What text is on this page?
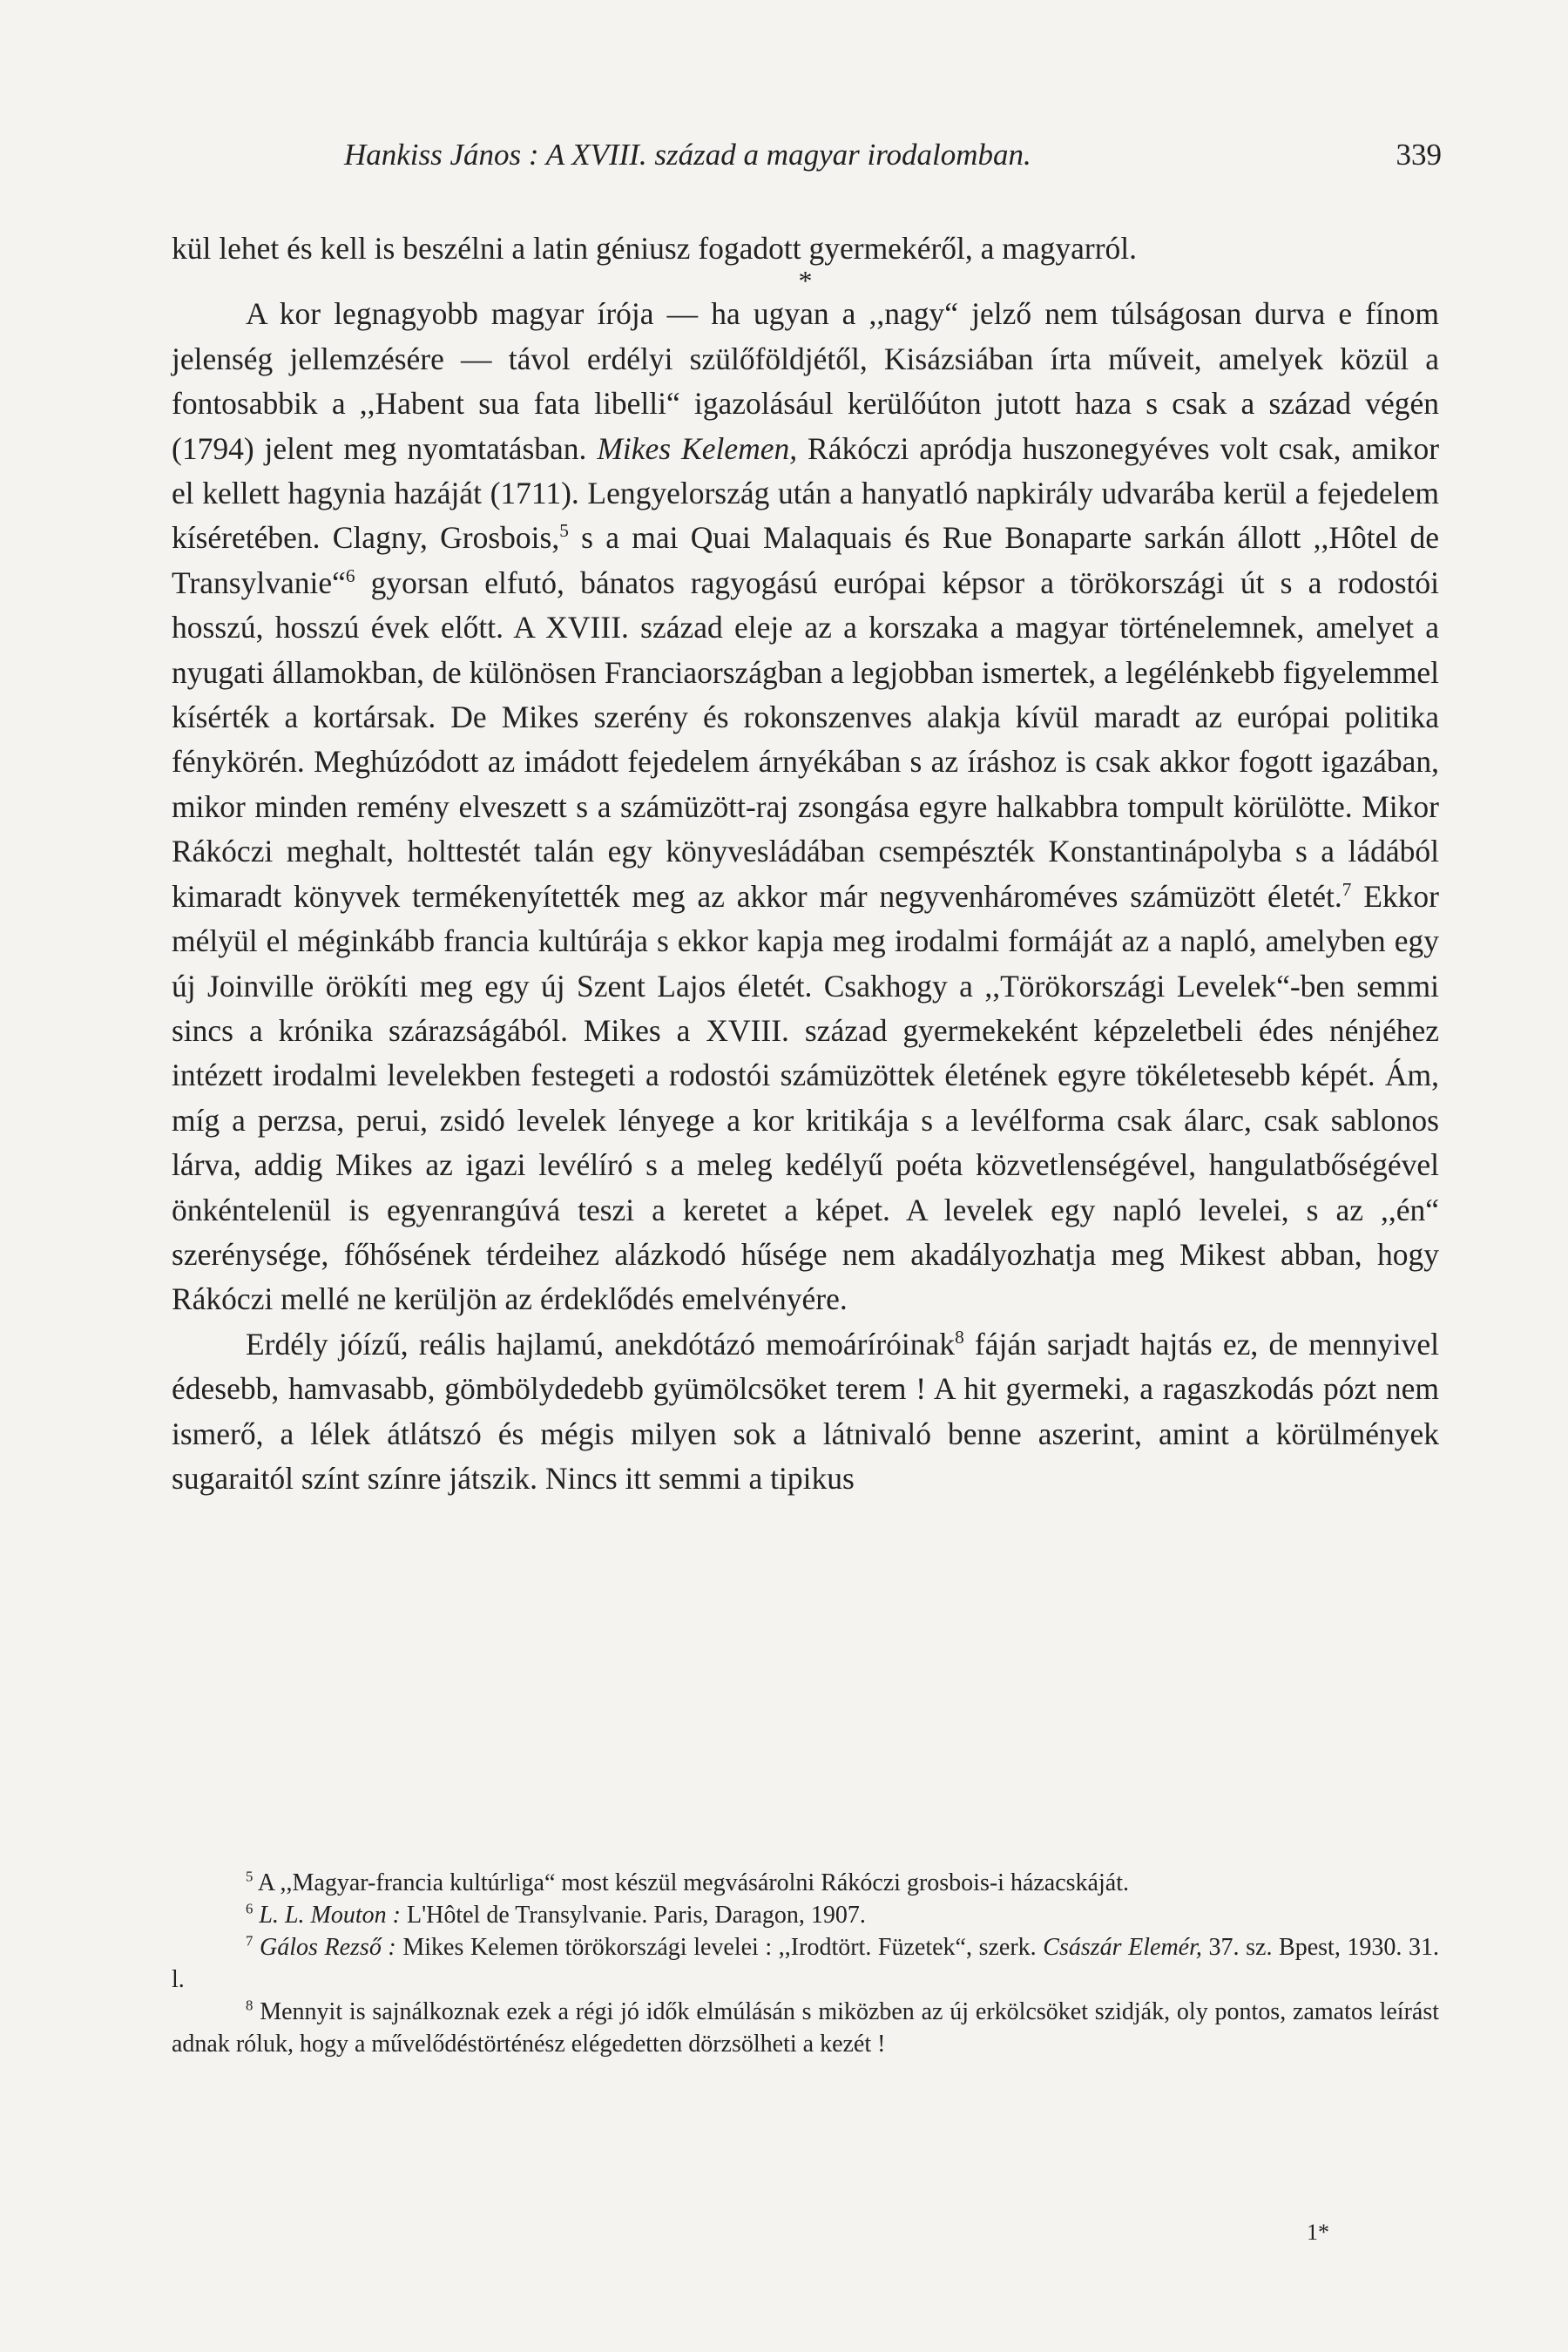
Hankiss János : A XVIII. század a magyar irodalomban.	339

kül lehet és kell is beszélni a latin géniusz fogadott gyermekéről, a magyarról.

*

A kor legnagyobb magyar írója — ha ugyan a ,,nagy“ jelző nem túlságosan durva e fínom jelenség jellemzésére — távol erdélyi szülőföldjétől, Kisázsiában írta műveit, amelyek közül a fontosabbik a ,,Habent sua fata libelli“ igazolásául kerülőúton jutott haza s csak a század végén (1794) jelent meg nyomtatásban. Mikes Kelemen, Rákóczi apródja huszonegyéves volt csak, amikor el kellett hagynia hazáját (1711). Lengyelország után a hanyatló napkirály udvarába kerül a fejedelem kíséretében. Clagny, Grosbois,$^5$ s a mai Quai Malaquais és Rue Bonaparte sarkán állott ,,Hôtel de Transylvanie“$^6$ gyorsan elfutó, bánatos ragyogású európai képsor a törökországi út s a rodostói hosszú, hosszú évek előtt. A XVIII. század eleje az a korszaka a magyar történelemnek, amelyet a nyugati államokban, de különösen Franciaországban a legjobban ismertek, a legélénkebb figyelemmel kísérték a kortársak. De Mikes szerény és rokonszenves alakja kívül maradt az európai politika fénykörén. Meghúzódott az imádott fejedelem árnyékában s az íráshoz is csak akkor fogott igazában, mikor minden remény elveszett s a számüzött-raj zsongása egyre halkabbra tompult körülötte. Mikor Rákóczi meghalt, holttestét talán egy könyvesládában csempészték Konstantinápolyba s a ládából kimaradt könyvek termékenyítették meg az akkor már negyvenhároméves számüzött életét.$^7$ Ekkor mélyül el méginkább francia kultúrája s ekkor kapja meg irodalmi formáját az a napló, amelyben egy új Joinville örökíti meg egy új Szent Lajos életét. Csakhogy a ,,Törökországi Levelek“-ben semmi sincs a krónika szárazságából. Mikes a XVIII. század gyermekeként képzeletbeli édes nénjéhez intézett irodalmi levelekben festegeti a rodostói számüzöttek életének egyre tökéletesebb képét. Ám, míg a perzsa, perui, zsidó levelek lényege a kor kritikája s a levélforma csak álarc, csak sablonos lárva, addig Mikes az igazi levélíró s a meleg kedélyű poéta közvetlenségével, hangulatbőségével önkéntelenül is egyenrangúvá teszi a keretet a képet. A levelek egy napló levelei, s az ,,én“ szerénysége, főhősének térdeihez alázkodó hűsége nem akadályozhatja meg Mikest abban, hogy Rákóczi mellé ne kerüljön az érdeklődés emelvényére.

Erdély jóízű, reális hajlamú, anekdótázó memoáríróinak$^8$ fáján sarjadt hajtás ez, de mennyivel édesebb, hamvasabb, gömbölydedebb gyümölcsöket terem ! A hit gyermeki, a ragaszkodás pózt nem ismerő, a lélek átlátszó és mégis milyen sok a látnivaló benne aszerint, amint a körülmények sugaraitól színt színre játszik. Nincs itt semmi a tipikus

$^5$ A ,,Magyar-francia kultúrliga“ most készül megvásárolni Rákóczi grosbois-i házacskáját.

$^6$ L. L. Mouton : L'Hôtel de Transylvanie. Paris, Daragon, 1907.

$^7$ Gálos Rezső : Mikes Kelemen törökországi levelei : ,,Irodtört. Füzetek“, szerk. Császár Elemér, 37. sz. Bpest, 1930. 31. l.

$^8$ Mennyit is sajnálkoznak ezek a régi jó idők elmúlásán s miközben az új erkölcsöket szidják, oly pontos, zamatos leírást adnak róluk, hogy a művelődéstörténész elégedetten dörzsölheti a kezét !

1*
